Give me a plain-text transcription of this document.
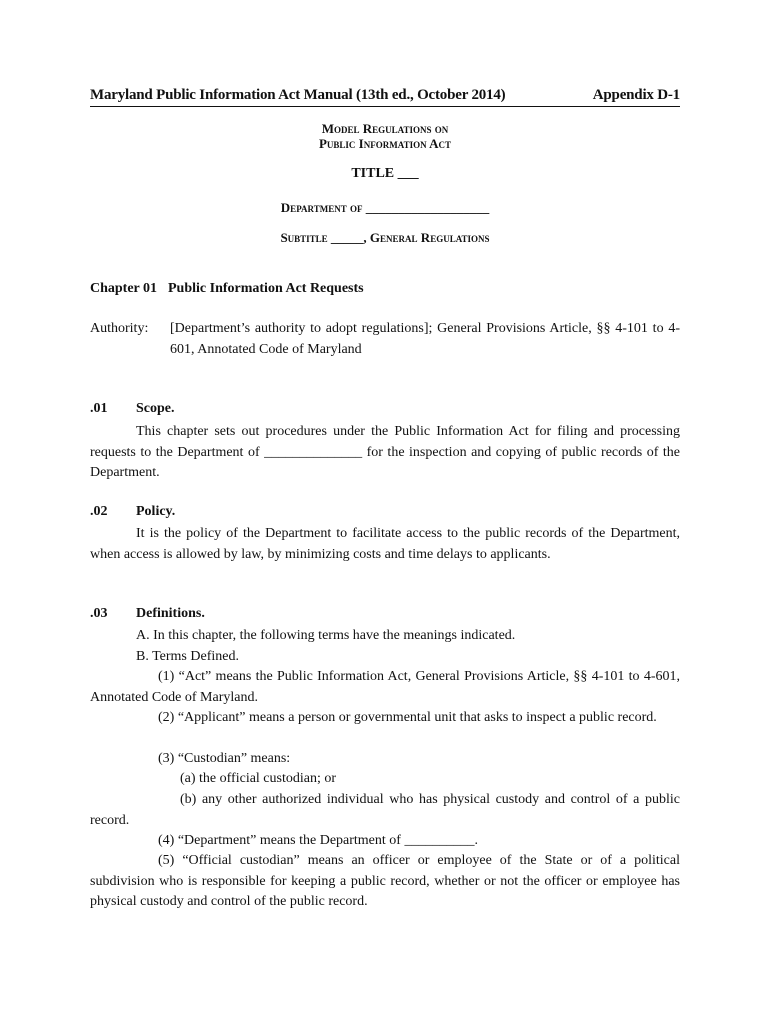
Maryland Public Information Act Manual (13th ed., October 2014)	Appendix D-1
Model Regulations on
Public Information Act
TITLE ___
Department of ___________________
Subtitle _____, General Regulations
Chapter 01 Public Information Act Requests
Authority: [Department’s authority to adopt regulations]; General Provisions Article, §§ 4-101 to 4-601, Annotated Code of Maryland
.01 Scope.
This chapter sets out procedures under the Public Information Act for filing and processing requests to the Department of ______________ for the inspection and copying of public records of the Department.
.02 Policy.
It is the policy of the Department to facilitate access to the public records of the Department, when access is allowed by law, by minimizing costs and time delays to applicants.
.03 Definitions.
A. In this chapter, the following terms have the meanings indicated.
B. Terms Defined.
(1) “Act” means the Public Information Act, General Provisions Article, §§ 4-101 to 4-601, Annotated Code of Maryland.
(2) “Applicant” means a person or governmental unit that asks to inspect a public record.
(3) “Custodian” means:
(a) the official custodian; or
(b) any other authorized individual who has physical custody and control of a public record.
(4) “Department” means the Department of __________.
(5) “Official custodian” means an officer or employee of the State or of a political subdivision who is responsible for keeping a public record, whether or not the officer or employee has physical custody and control of the public record.
